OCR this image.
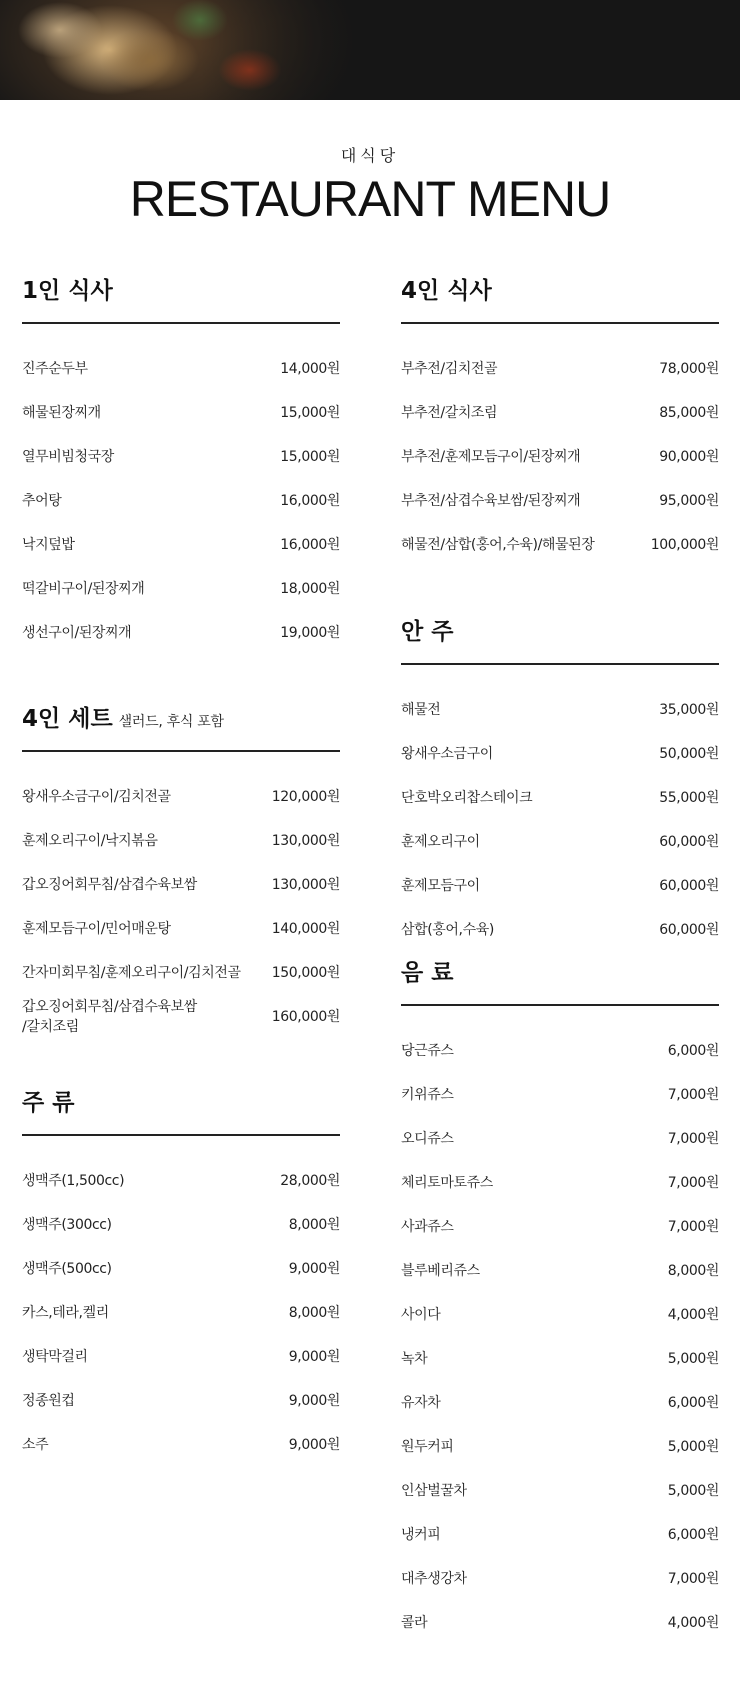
대식당
RESTAURANT MENU
1인 식사
진주순두부	14,000원
해물된장찌개	15,000원
열무비빔청국장	15,000원
추어탕	16,000원
낙지덮밥	16,000원
떡갈비구이/된장찌개	18,000원
생선구이/된장찌개	19,000원
4인 세트 샐러드, 후식 포함
왕새우소금구이/김치전골	120,000원
훈제오리구이/낙지볶음	130,000원
갑오징어회무침/삼겹수육보쌈	130,000원
훈제모듬구이/민어매운탕	140,000원
간자미회무침/훈제오리구이/김치전골 150,000원
갑오징어회무침/삼겹수육보쌈
/갈치조림
160,000원
주 류
생맥주(1,500cc)	28,000원
생맥주(300cc)	8,000원
생맥주(500cc)	9,000원
카스,테라,켈리	8,000원
생탁막걸리	9,000원
정종원컵	9,000원
소주	9,000원
4인 식사
부추전/김치전골	78,000원
부추전/갈치조림	85,000원
부추전/훈제모듬구이/된장찌개	90,000원
부추전/삼겹수육보쌈/된장찌개	95,000원
해물전/삼합(홍어,수육)/해물된장	100,000원
안 주
해물전	35,000원
왕새우소금구이	50,000원
단호박오리찹스테이크	55,000원
훈제오리구이	60,000원
훈제모듬구이	60,000원
삼합(홍어,수육)	60,000원
음 료
당근쥬스	6,000원
키위쥬스	7,000원
오디쥬스	7,000원
체리토마토쥬스	7,000원
사과쥬스	7,000원
블루베리쥬스	8,000원
사이다	4,000원
녹차	5,000원
유자차	6,000원
원두커피	5,000원
인삼벌꿀차	5,000원
냉커피	6,000원
대추생강차	7,000원
콜라	4,000원
